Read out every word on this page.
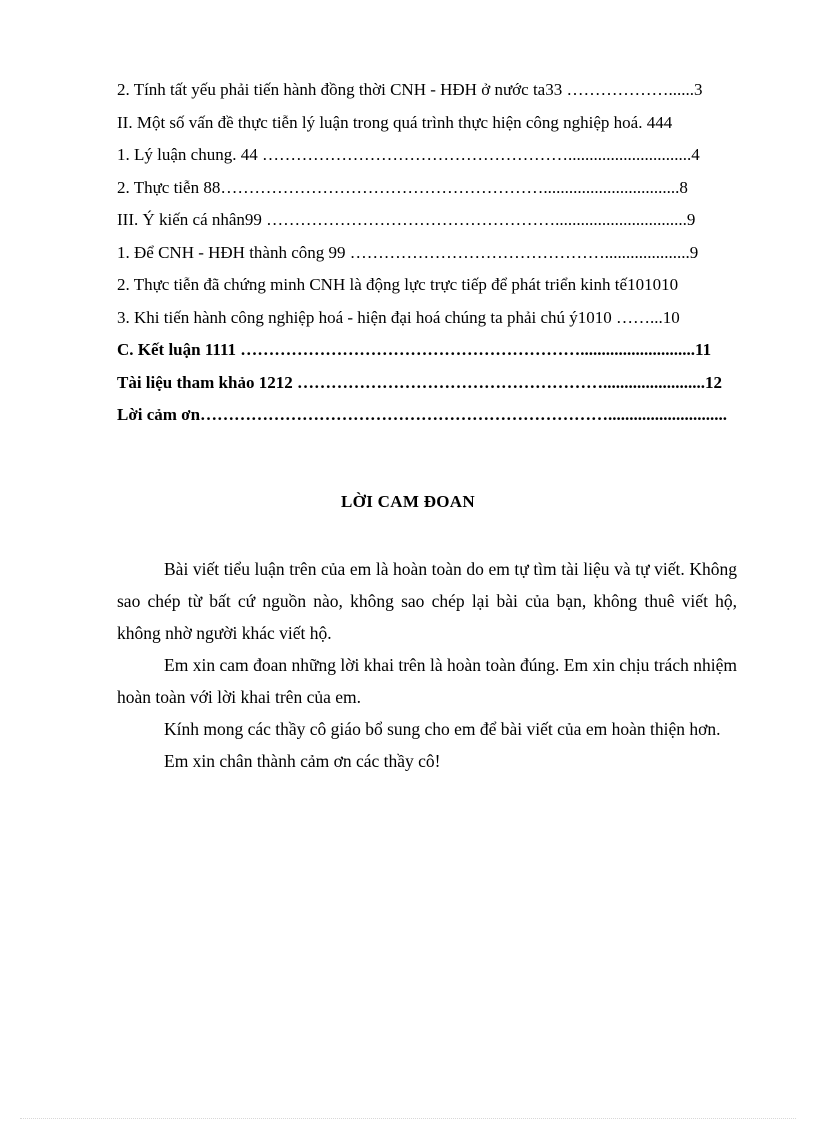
2. Tính tất yếu phải tiến hành đồng thời CNH - HĐH ở nước ta33 ………………......3
II. Một số vấn đề thực tiễn lý luận trong quá trình thực hiện công nghiệp hoá. 444
1. Lý luận chung. 44 ……………………………………………….............................4
2. Thực tiễn 88…………………………………………………................................8
III. Ý kiến cá nhân99 ……………………………………………...............................9
1. Để CNH - HĐH thành công 99 ………………………………………....................9
2. Thực tiễn đã chứng minh CNH là động lực trực tiếp để phát triển kinh tế101010
3. Khi tiến hành công nghiệp hoá - hiện đại hoá chúng ta phải chú ý1010 ……...10
C. Kết luận 1111 ……………………………………………………...........................11
Tài liệu tham khảo 1212 ………………………………………………........................12
Lời cảm ơn………………………………………………………………............................
LỜI CAM ĐOAN

Bài viết tiểu luận trên của em là hoàn toàn do em tự tìm tài liệu và tự viết. Không sao chép từ bất cứ nguồn nào, không sao chép lại bài của bạn, không thuê viết hộ, không nhờ người khác viết hộ.

Em xin cam đoan những lời khai trên là hoàn toàn đúng. Em xin chịu trách nhiệm hoàn toàn với lời khai trên của em.

Kính mong các thầy cô giáo bổ sung cho em để bài viết của em hoàn thiện hơn.

Em xin chân thành cảm ơn các thầy cô!
